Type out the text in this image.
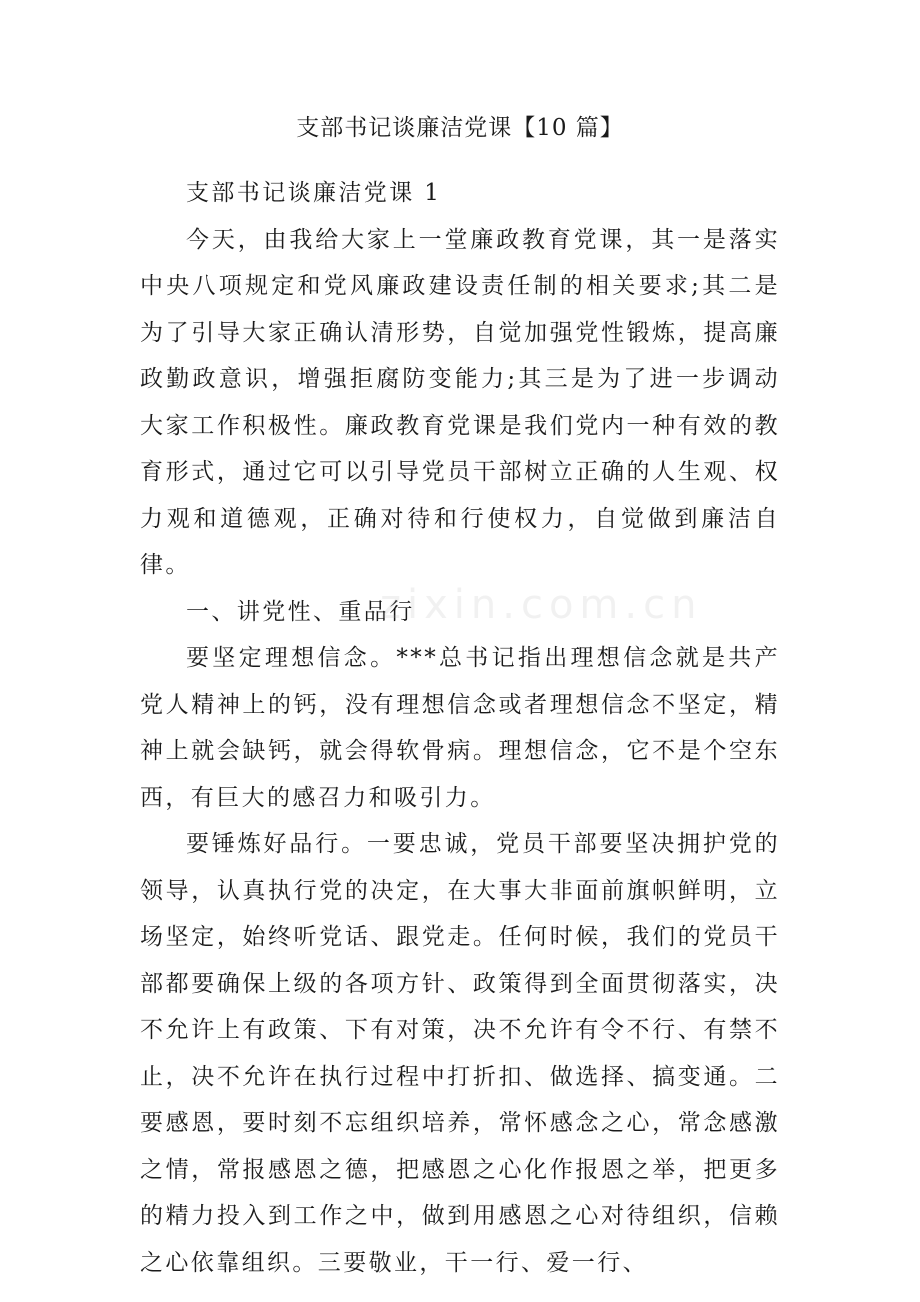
支部书记谈廉洁党课【10 篇】

支部书记谈廉洁党课 1

今天，由我给大家上一堂廉政教育党课，其一是落实中央八项规定和党风廉政建设责任制的相关要求;其二是为了引导大家正确认清形势，自觉加强党性锻炼，提高廉政勤政意识，增强拒腐防变能力;其三是为了进一步调动大家工作积极性。廉政教育党课是我们党内一种有效的教育形式，通过它可以引导党员干部树立正确的人生观、权力观和道德观，正确对待和行使权力，自觉做到廉洁自律。

一、讲党性、重品行

要坚定理想信念。***总书记指出理想信念就是共产党人精神上的钙，没有理想信念或者理想信念不坚定，精神上就会缺钙，就会得软骨病。理想信念，它不是个空东西，有巨大的感召力和吸引力。

要锤炼好品行。一要忠诚，党员干部要坚决拥护党的领导，认真执行党的决定，在大事大非面前旗帜鲜明，立场坚定，始终听党话、跟党走。任何时候，我们的党员干部都要确保上级的各项方针、政策得到全面贯彻落实，决不允许上有政策、下有对策，决不允许有令不行、有禁不止，决不允许在执行过程中打折扣、做选择、搞变通。二要感恩，要时刻不忘组织培养，常怀感念之心，常念感激之情，常报感恩之德，把感恩之心化作报恩之举，把更多的精力投入到工作之中，做到用感恩之心对待组织，信赖之心依靠组织。三要敬业，干一行、爱一行、

zixin.com.cn
